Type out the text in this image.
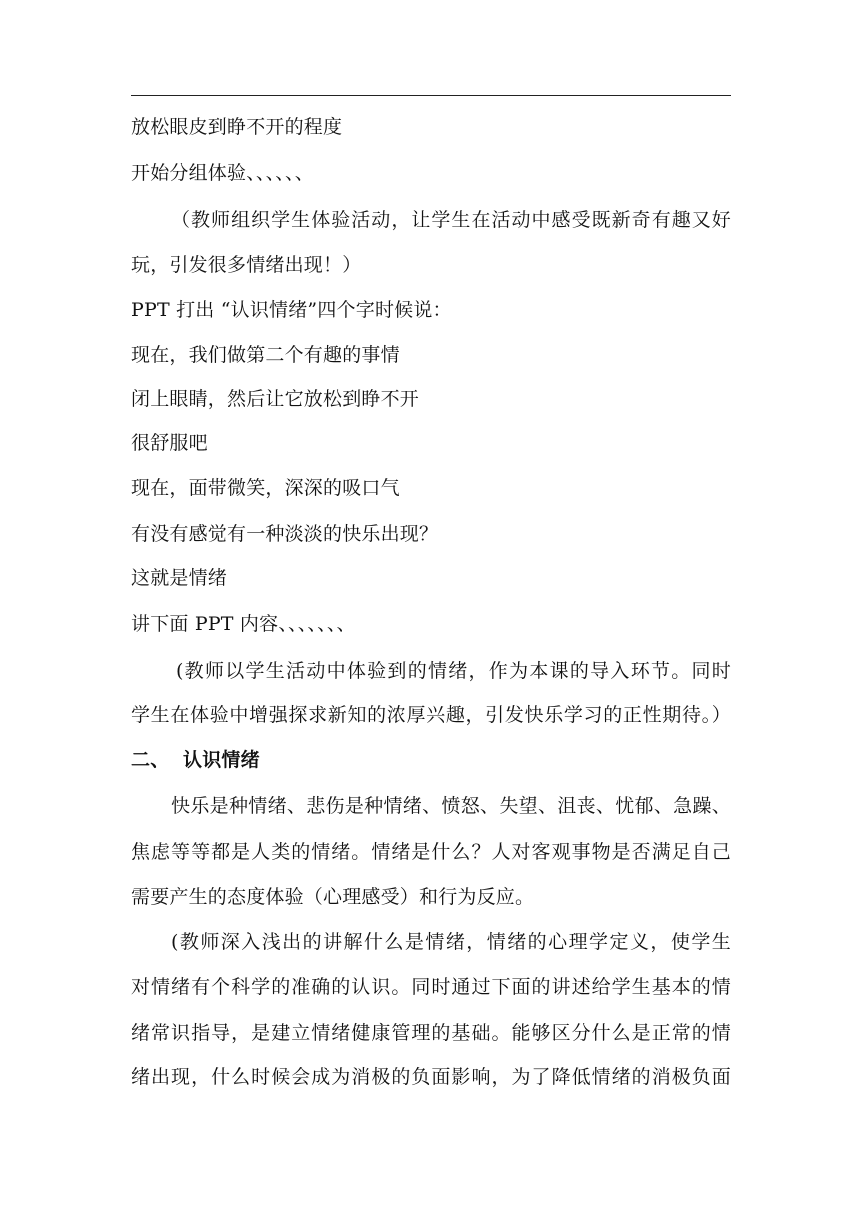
放松眼皮到睁不开的程度
开始分组体验、、、、、、
（教师组织学生体验活动，让学生在活动中感受既新奇有趣又好
玩，引发很多情绪出现！）
PPT 打出 “认识情绪”四个字时候说：
现在，我们做第二个有趣的事情
闭上眼睛，然后让它放松到睁不开
很舒服吧
现在，面带微笑，深深的吸口气
有没有感觉有一种淡淡的快乐出现？
这就是情绪
讲下面 PPT 内容、、、、、、、
(教师以学生活动中体验到的情绪，作为本课的导入环节。同时
学生在体验中增强探求新知的浓厚兴趣，引发快乐学习的正性期待。）
二、 认识情绪
快乐是种情绪、悲伤是种情绪、愤怒、失望、沮丧、忧郁、急躁、
焦虑等等都是人类的情绪。情绪是什么？人对客观事物是否满足自己
需要产生的态度体验（心理感受）和行为反应。
(教师深入浅出的讲解什么是情绪，情绪的心理学定义，使学生
对情绪有个科学的准确的认识。同时通过下面的讲述给学生基本的情
绪常识指导，是建立情绪健康管理的基础。能够区分什么是正常的情
绪出现，什么时候会成为消极的负面影响，为了降低情绪的消极负面
